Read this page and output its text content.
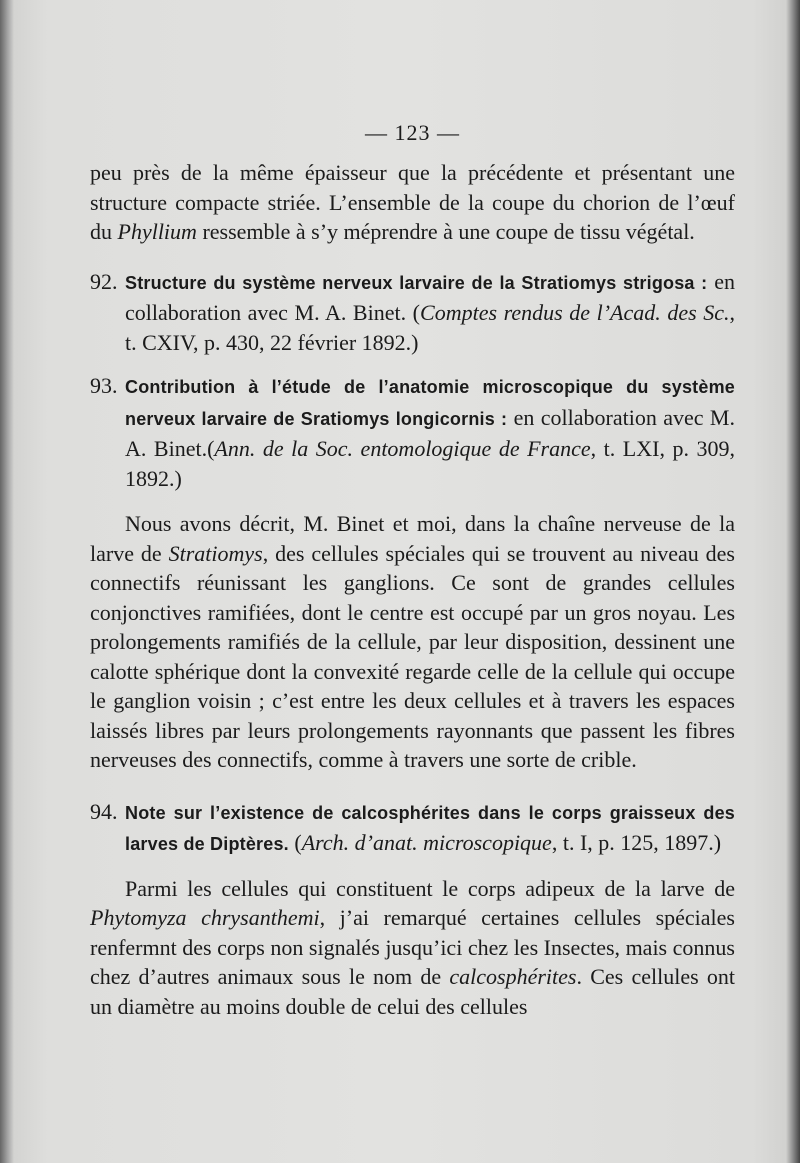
— 123 —

peu près de la même épaisseur que la précédente et présentant une structure compacte striée. L’ensemble de la coupe du chorion de l’œuf du Phyllium ressemble à s’y méprendre à une coupe de tissu végétal.

92. Structure du système nerveux larvaire de la Stratiomys strigosa : en collaboration avec M. A. Binet. (Comptes rendus de l’Acad. des Sc., t. CXIV, p. 430, 22 février 1892.)
93. Contribution à l’étude de l’anatomie microscopique du système nerveux larvaire de Sratiomys longicornis : en collaboration avec M. A. Binet.(Ann. de la Soc. entomologique de France, t. LXI, p. 309, 1892.)

Nous avons décrit, M. Binet et moi, dans la chaîne nerveuse de la larve de Stratiomys, des cellules spéciales qui se trouvent au niveau des connectifs réunissant les ganglions. Ce sont de grandes cellules conjonctives ramifiées, dont le centre est occupé par un gros noyau. Les prolongements ramifiés de la cellule, par leur disposition, dessinent une calotte sphérique dont la convexité regarde celle de la cellule qui occupe le ganglion voisin ; c’est entre les deux cellules et à travers les espaces laissés libres par leurs prolongements rayonnants que passent les fibres nerveuses des connectifs, comme à travers une sorte de crible.

94. Note sur l’existence de calcosphérites dans le corps graisseux des larves de Diptères. (Arch. d’anat. microscopique, t. I, p. 125, 1897.)

Parmi les cellules qui constituent le corps adipeux de la larve de Phytomyza chrysanthemi, j’ai remarqué certaines cellules spéciales renfermnt des corps non signalés jusqu’ici chez les Insectes, mais connus chez d’autres animaux sous le nom de calcosphérites. Ces cellules ont un diamètre au moins double de celui des cellules
